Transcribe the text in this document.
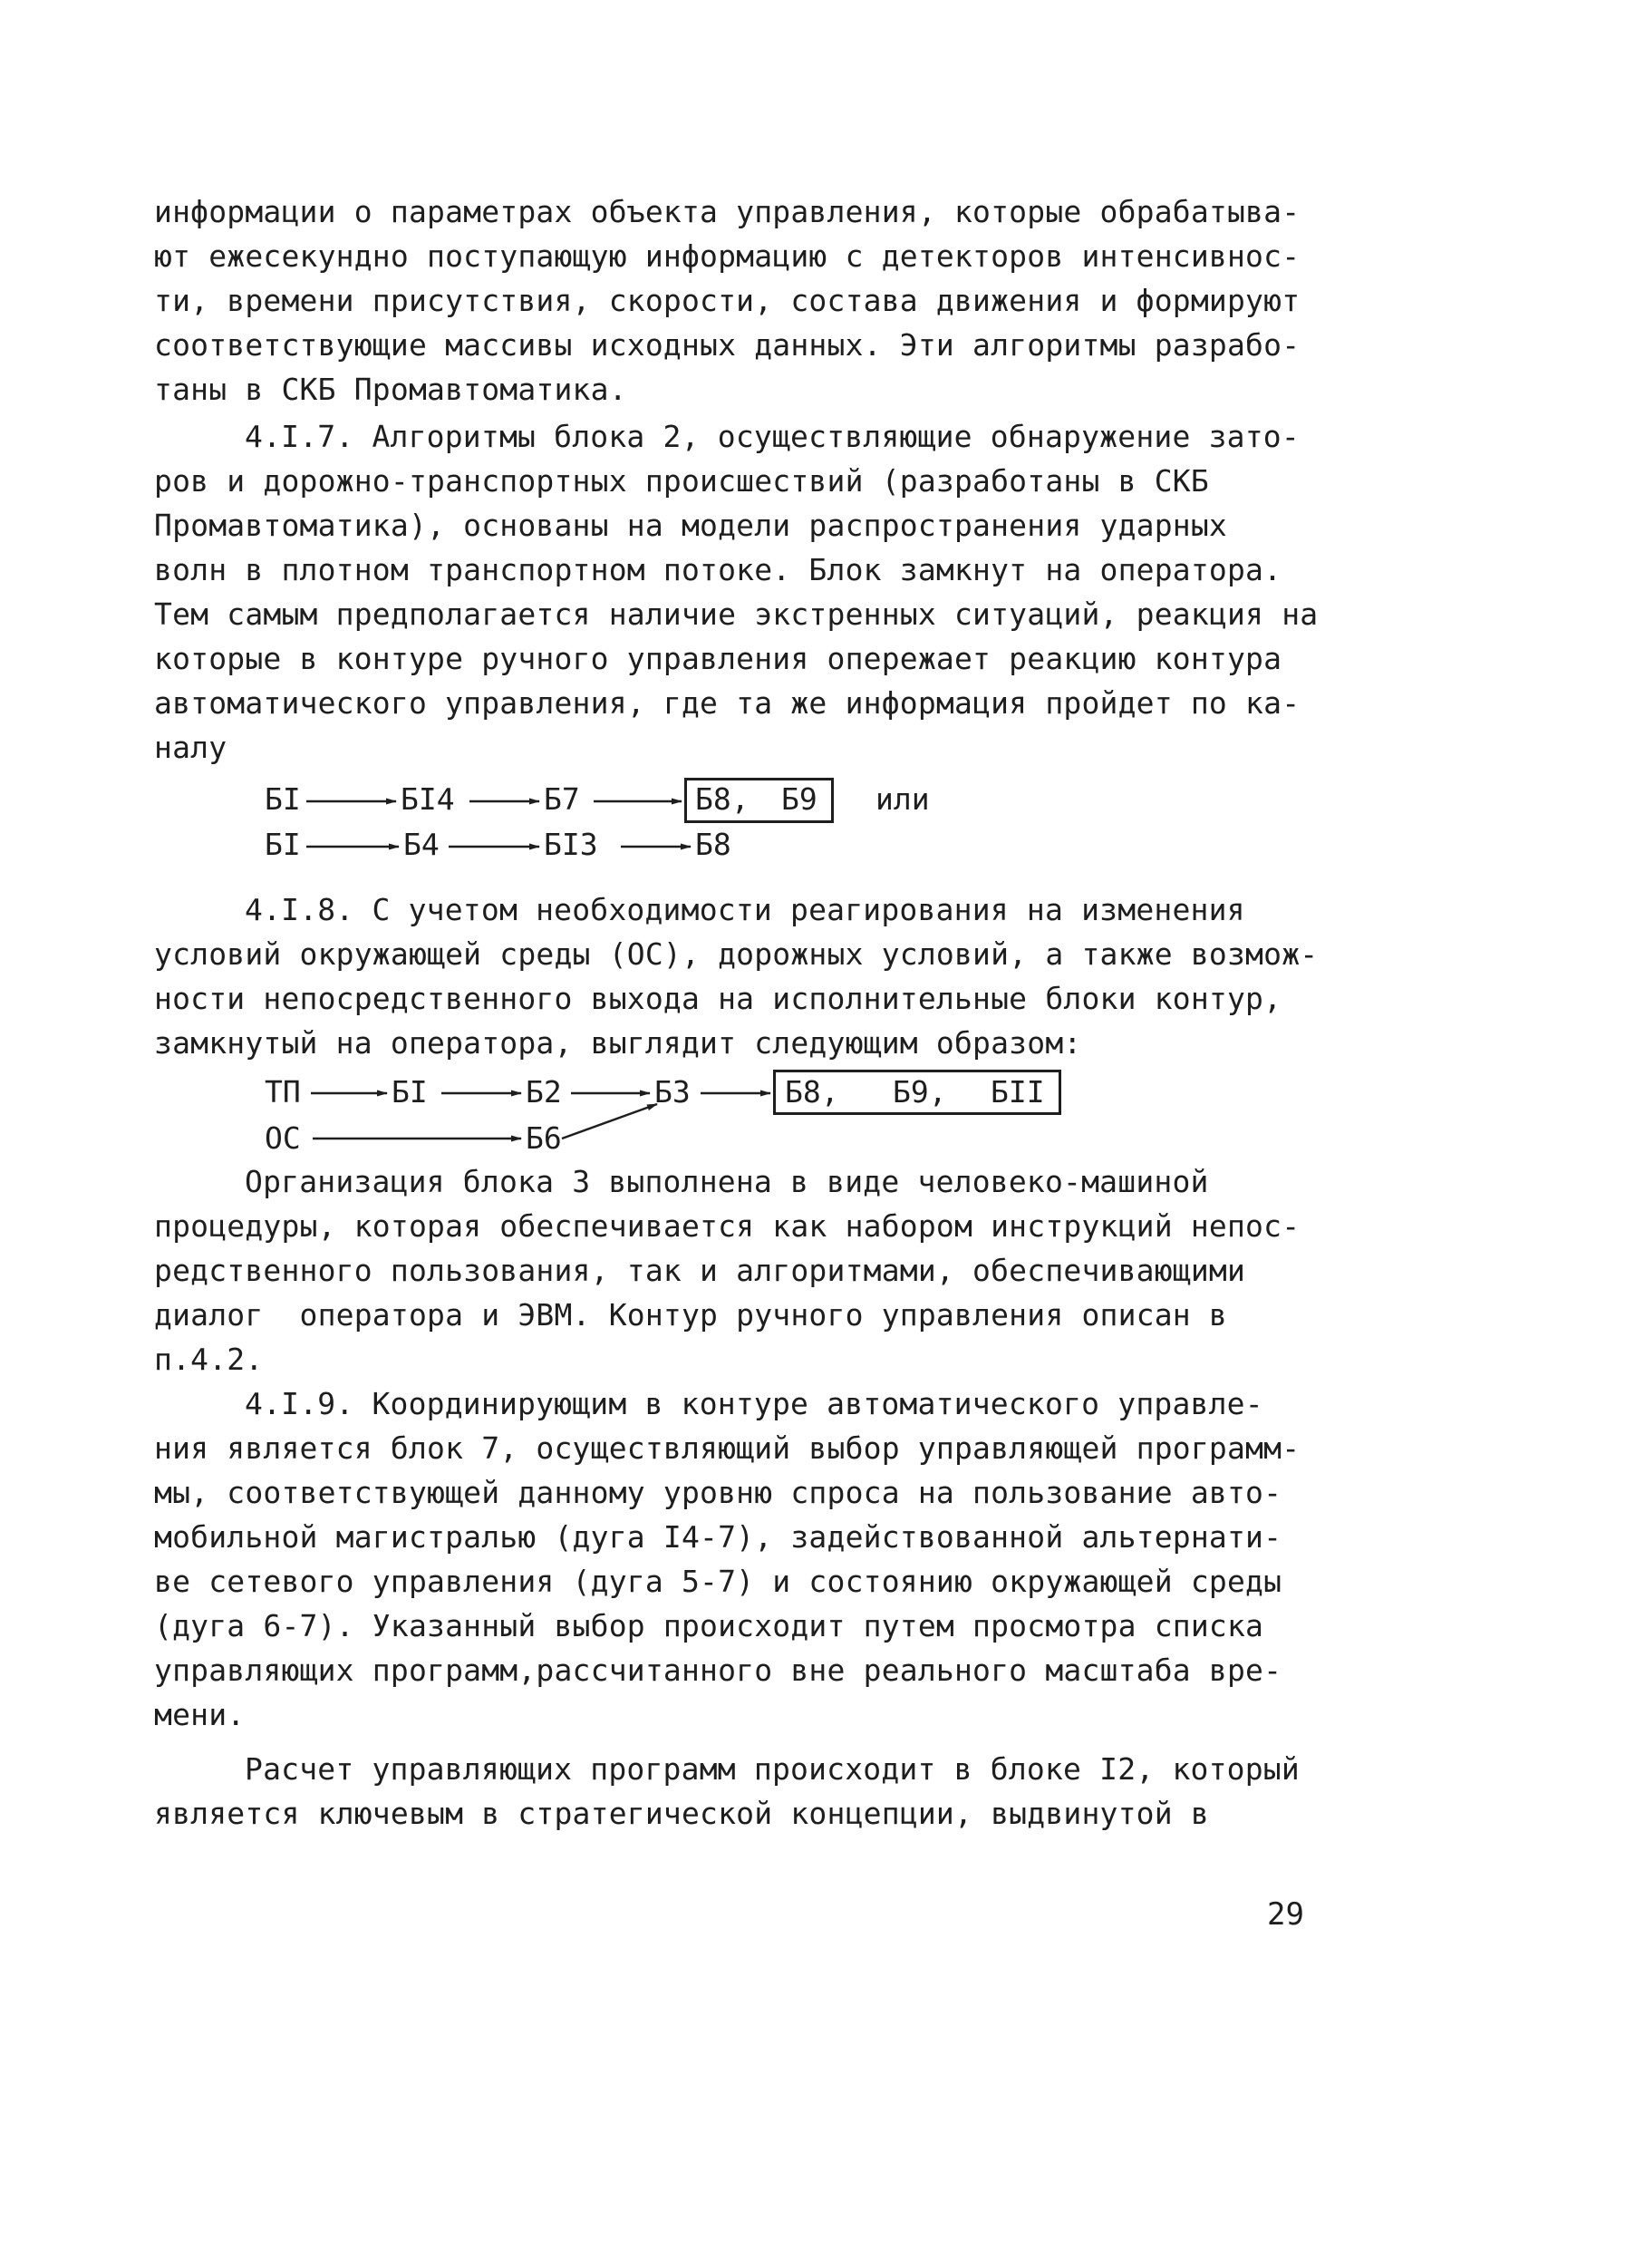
информации о параметрах объекта управления, которые обрабатыва-
ют ежесекундно поступающую информацию с детекторов интенсивнос-
ти, времени присутствия, скорости, состава движения и формируют
соответствующие массивы исходных данных. Эти алгоритмы разрабо-
таны в СКБ Промавтоматика.
4.I.7. Алгоритмы блока 2, осуществляющие обнаружение зато-
ров и дорожно-транспортных происшествий (разработаны в СКБ
Промавтоматика), основаны на модели распространения ударных
волн в плотном транспортном потоке. Блок замкнут на оператора.
Тем самым предполагается наличие экстренных ситуаций, реакция на
которые в контуре ручного управления опережает реакцию контура
автоматического управления, где та же информация пройдет по ка-
налу

БI

	БI4

	Б7

	Б8,

Б9

или

БI

	Б4

	БI3

	Б8

4.I.8. С учетом необходимости реагирования на изменения
условий окружающей среды (ОС), дорожных условий, а также возмож-
ности непосредственного выхода на исполнительные блоки контур,
замкнутый на оператора, выглядит следующим образом:

ТП

	БI

	Б2

	Б3

	Б8,

Б9,

БII

ОС

	Б6

Организация блока 3 выполнена в виде человеко-машиной
процедуры, которая обеспечивается как набором инструкций непос-
редственного пользования, так и алгоритмами, обеспечивающими
диалог  оператора и ЭВМ. Контур ручного управления описан в
п.4.2.
4.I.9. Координирующим в контуре автоматического управле-
ния является блок 7, осуществляющий выбор управляющей программ-
мы, соответствующей данному уровню спроса на пользование авто-
мобильной магистралью (дуга I4-7), задействованной альтернати-
ве сетевого управления (дуга 5-7) и состоянию окружающей среды
(дуга 6-7). Указанный выбор происходит путем просмотра списка
управляющих программ,рассчитанного вне реального масштаба вре-
мени.
Расчет управляющих программ происходит в блоке I2, который
является ключевым в стратегической концепции, выдвинутой в
29
